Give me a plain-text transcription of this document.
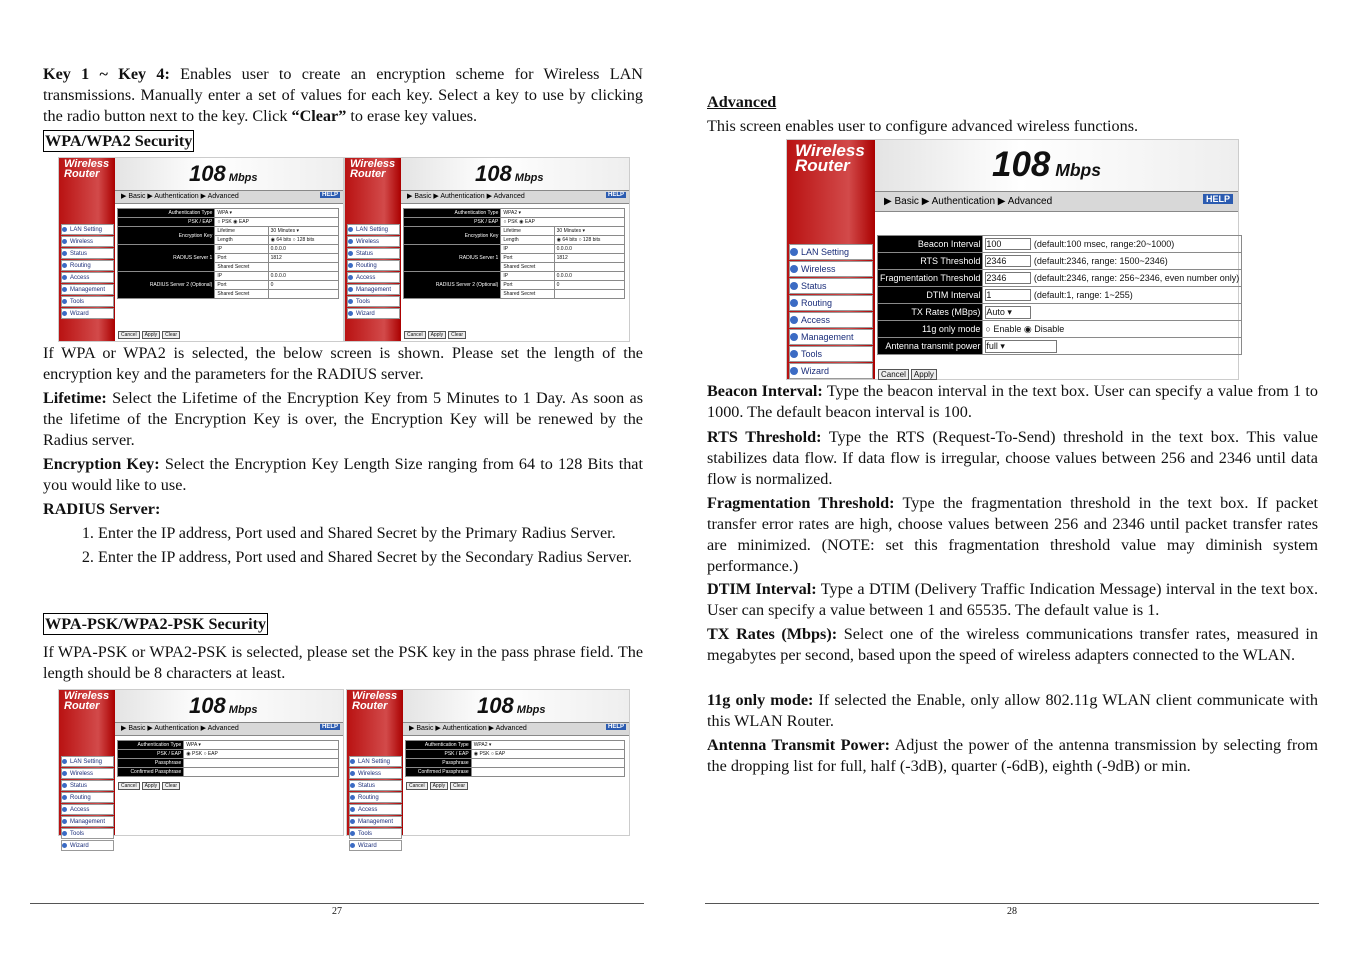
Key 1 ~ Key 4: Enables user to create an encryption scheme for Wireless LAN transmissions. Manually enter a set of values for each key. Select a key to use by clicking the radio button next to the key. Click “Clear” to erase key values.

WPA/WPA2 Security

If WPA or WPA2 is selected, the below screen is shown. Please set the length of the encryption key and the parameters for the RADIUS server.

Lifetime: Select the Lifetime of the Encryption Key from 5 Minutes to 1 Day. As soon as the lifetime of the Encryption Key is over, the Encryption Key will be renewed by the Radius server.

Encryption Key: Select the Encryption Key Length Size ranging from 64 to 128 Bits that you would like to use.

RADIUS Server:

1. Enter the IP address, Port used and Shared Secret by the Primary Radius Server.
2. Enter the IP address, Port used and Shared Secret by the Secondary Radius Server.
WPA-PSK/WPA2-PSK Security

If WPA-PSK or WPA2-PSK is selected, please set the PSK key in the pass phrase field. The length should be 8 characters at least.

Advanced

This screen enables user to configure advanced wireless functions.

Beacon Interval: Type the beacon interval in the text box. User can specify a value from 1 to 1000. The default beacon interval is 100.

RTS Threshold: Type the RTS (Request-To-Send) threshold in the text box. This value stabilizes data flow. If data flow is irregular, choose values between 256 and 2346 until data flow is normalized.

Fragmentation Threshold: Type the fragmentation threshold in the text box. If packet transfer error rates are high, choose values between 256 and 2346 until packet transfer rates are minimized. (NOTE: set this fragmentation threshold value may diminish system performance.)

DTIM Interval: Type a DTIM (Delivery Traffic Indication Message) interval in the text box. User can specify a value between 1 and 65535. The default value is 1.

TX Rates (Mbps): Select one of the wireless communications transfer rates, measured in megabytes per second, based upon the speed of wireless adapters connected to the WLAN.

11g only mode: If selected the Enable, only allow 802.11g WLAN client communicate with this WLAN Router.

Antenna Transmit Power: Adjust the power of the antenna transmission by selecting from the dropping list for full, half (-3dB), quarter (-6dB), eighth (-9dB) or min.

Wireless
Router	108 Mbps
▶ Basic ▶ Authentication ▶ Advanced	HELP
LAN Setting
Wireless
Status
Routing
Access
Management
Tools
Wizard
Authentication Type	WPA ▾	
PSK / EAP	○ PSK ◉ EAP	
Encryption Key	Lifetime	30 Minutes ▾
	Length	◉ 64 bits ○ 128 bits
RADIUS Server 1	IP	0.0.0.0
	Port	1812
	Shared Secret	
RADIUS Server 2 (Optional)	IP	0.0.0.0
	Port	0
	Shared Secret	
Cancel	Apply	Clear
Wireless
Router	108 Mbps
▶ Basic ▶ Authentication ▶ Advanced	HELP
LAN Setting
Wireless
Status
Routing
Access
Management
Tools
Wizard
Authentication Type	WPA2 ▾	
PSK / EAP	○ PSK ◉ EAP	
Encryption Key	Lifetime	30 Minutes ▾
	Length	◉ 64 bits ○ 128 bits
RADIUS Server 1	IP	0.0.0.0
	Port	1812
	Shared Secret	
RADIUS Server 2 (Optional)	IP	0.0.0.0
	Port	0
	Shared Secret	
Cancel	Apply	Clear
Wireless
Router	108 Mbps
▶ Basic ▶ Authentication ▶ Advanced	HELP
LAN Setting
Wireless
Status
Routing
Access
Management
Tools
Wizard
Authentication Type	WPA ▾
PSK / EAP	◉ PSK ○ EAP
Passphrase	
Confirmed Passphrase	
Cancel	Apply	Clear
Wireless
Router	108 Mbps
▶ Basic ▶ Authentication ▶ Advanced	HELP
LAN Setting
Wireless
Status
Routing
Access
Management
Tools
Wizard
Authentication Type	WPA2 ▾
PSK / EAP	◉ PSK ○ EAP
Passphrase	
Confirmed Passphrase	
Cancel	Apply	Clear
Wireless
Router	108 Mbps
▶ Basic ▶ Authentication ▶ Advanced	HELP
LAN Setting
Wireless
Status
Routing
Access
Management
Tools
Wizard
Beacon Interval	100 (default:100 msec, range:20~1000)
RTS Threshold	2346 (default:2346, range: 1500~2346)
Fragmentation Threshold	2346 (default:2346, range: 256~2346, even number only)
DTIM Interval	1 (default:1, range: 1~255)
TX Rates (MBps)	Auto ▾
11g only mode	○ Enable ◉ Disable
Antenna transmit power	full ▾
Cancel	Apply
27	28
